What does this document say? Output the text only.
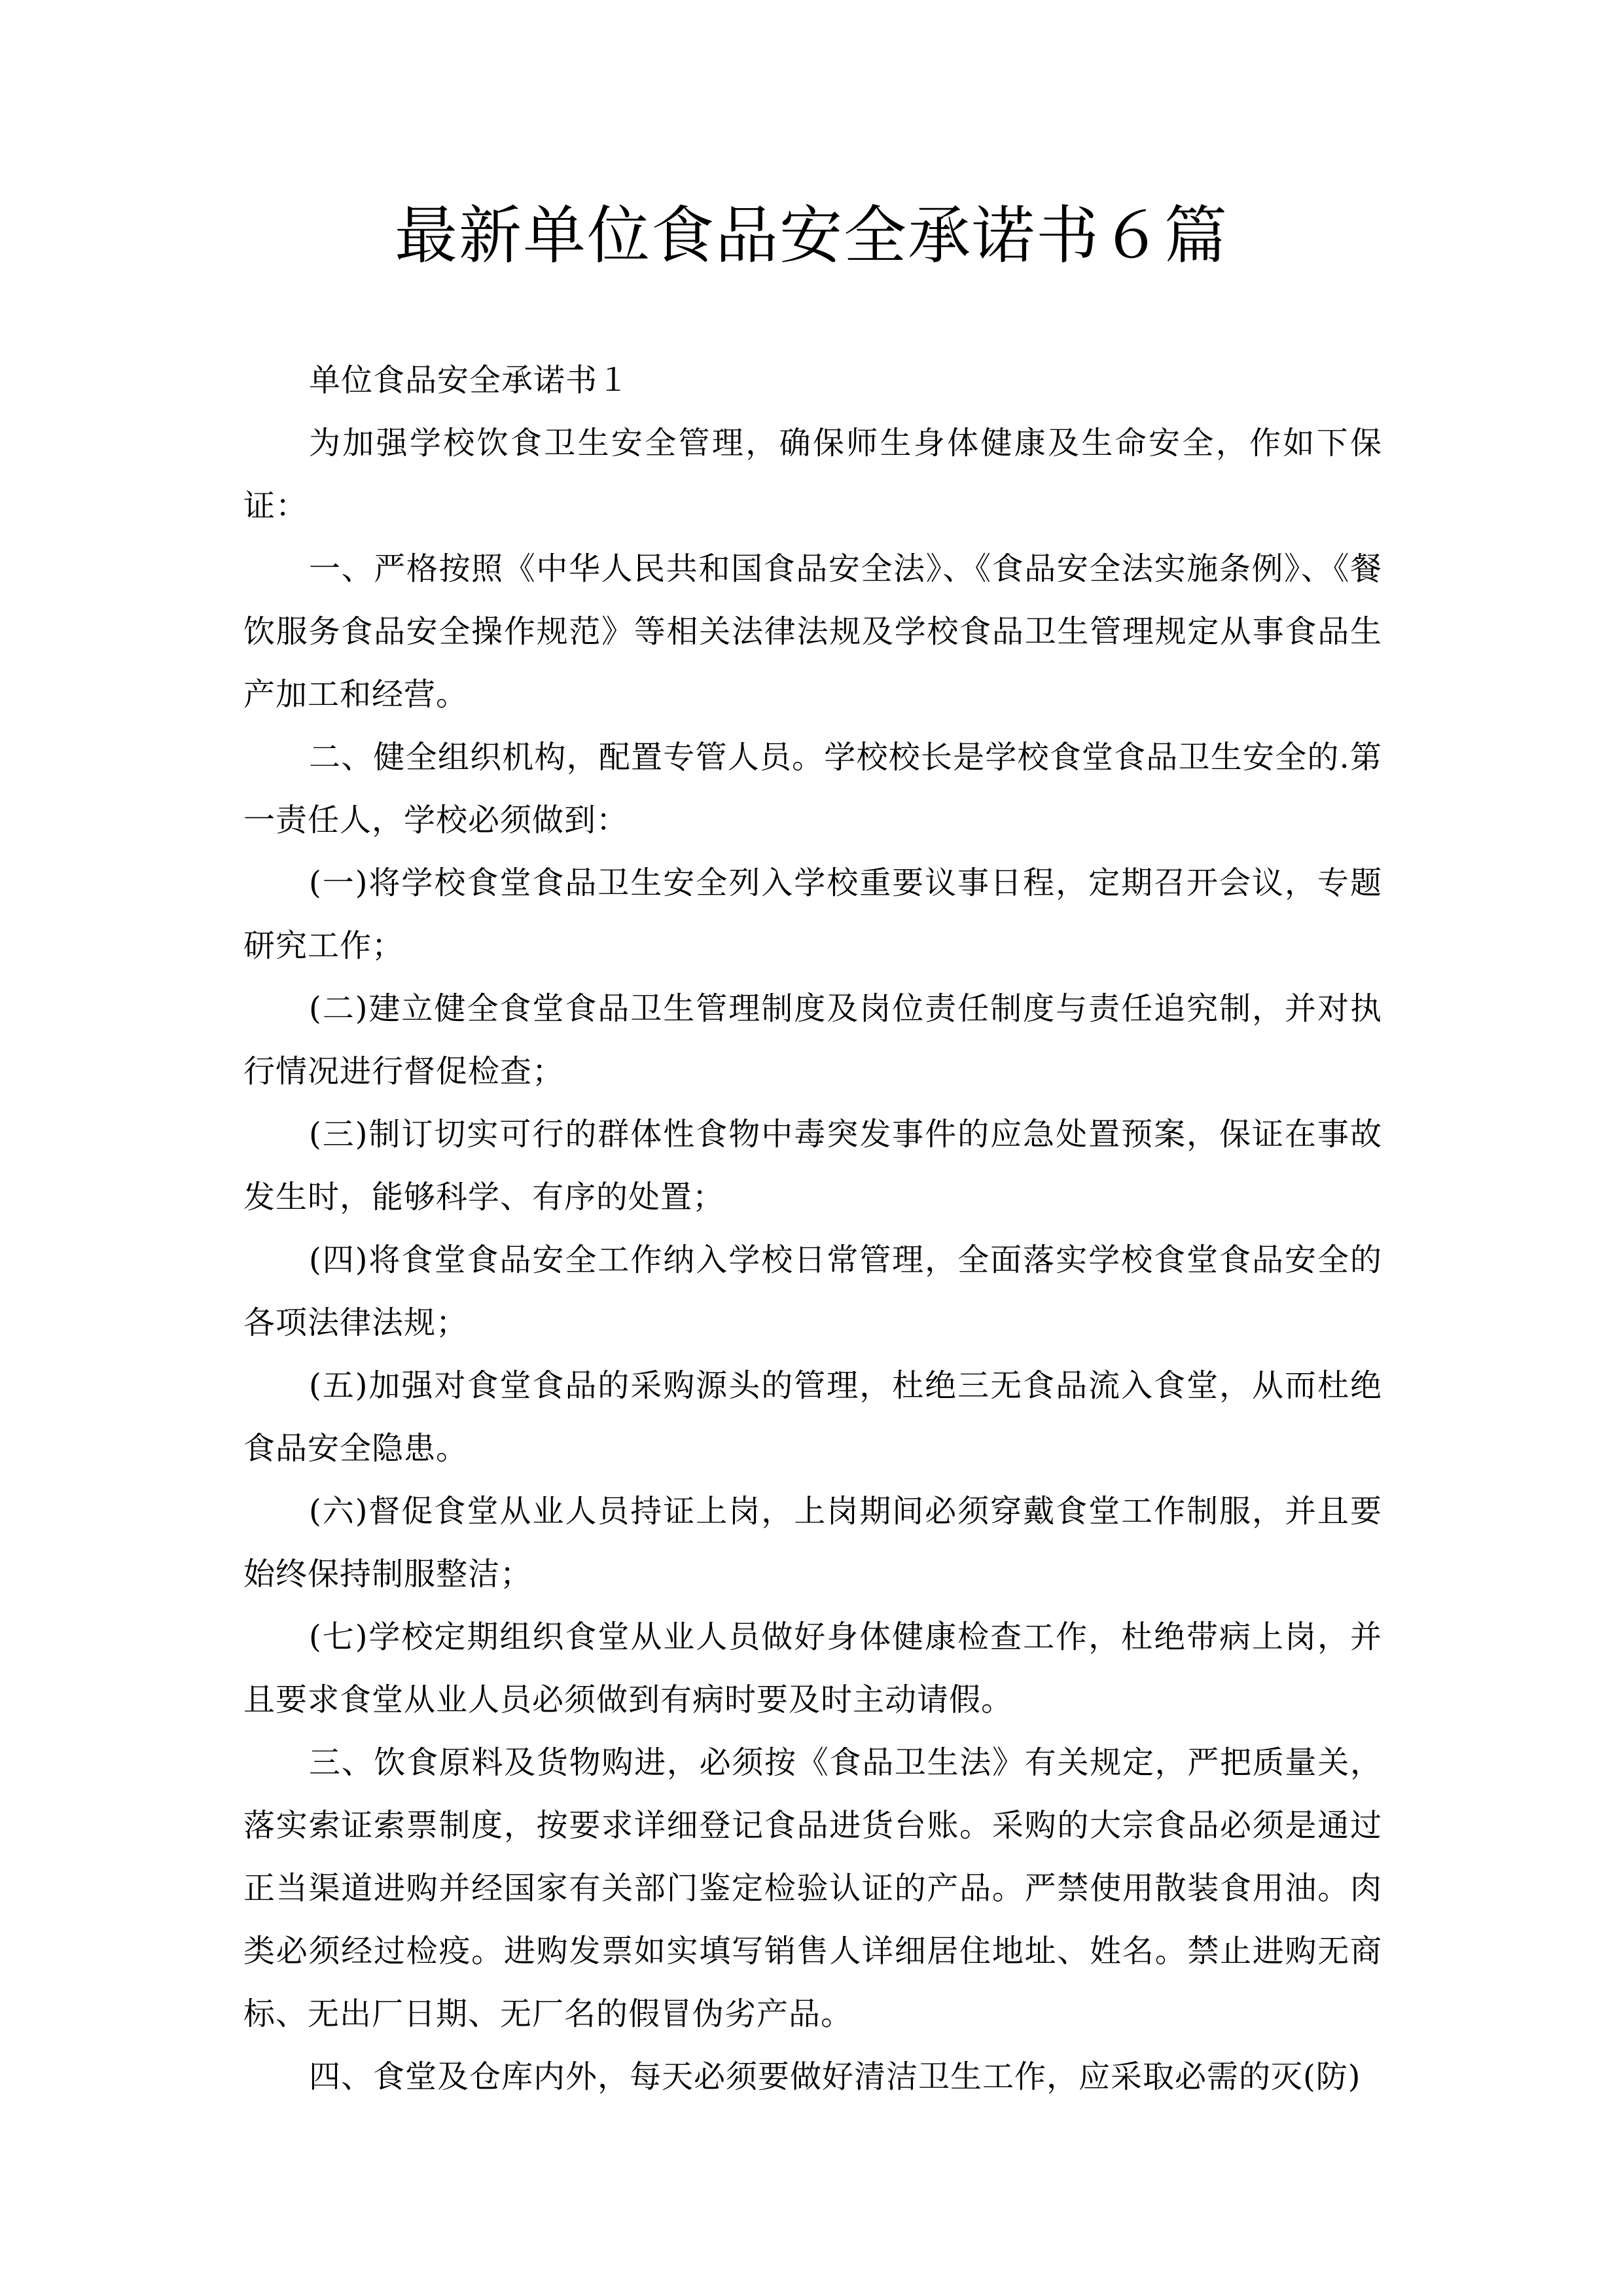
最新单位食品安全承诺书６篇

单位食品安全承诺书１

为加强学校饮食卫生安全管理，确保师生身体健康及生命安全，作如下保证：

一、严格按照《中华人民共和国食品安全法》、《食品安全法实施条例》、《餐饮服务食品安全操作规范》等相关法律法规及学校食品卫生管理规定从事食品生产加工和经营。

二、健全组织机构，配置专管人员。学校校长是学校食堂食品卫生安全的.第一责任人，学校必须做到：

(一)将学校食堂食品卫生安全列入学校重要议事日程，定期召开会议，专题研究工作；

(二)建立健全食堂食品卫生管理制度及岗位责任制度与责任追究制，并对执行情况进行督促检查；

(三)制订切实可行的群体性食物中毒突发事件的应急处置预案，保证在事故发生时，能够科学、有序的处置；

(四)将食堂食品安全工作纳入学校日常管理，全面落实学校食堂食品安全的各项法律法规；

(五)加强对食堂食品的采购源头的管理，杜绝三无食品流入食堂，从而杜绝食品安全隐患。

(六)督促食堂从业人员持证上岗，上岗期间必须穿戴食堂工作制服，并且要始终保持制服整洁；

(七)学校定期组织食堂从业人员做好身体健康检查工作，杜绝带病上岗，并且要求食堂从业人员必须做到有病时要及时主动请假。

三、饮食原料及货物购进，必须按《食品卫生法》有关规定，严把质量关，落实索证索票制度，按要求详细登记食品进货台账。采购的大宗食品必须是通过正当渠道进购并经国家有关部门鉴定检验认证的产品。严禁使用散装食用油。肉类必须经过检疫。进购发票如实填写销售人详细居住地址、姓名。禁止进购无商标、无出厂日期、无厂名的假冒伪劣产品。

四、食堂及仓库内外，每天必须要做好清洁卫生工作，应采取必需的灭(防)
